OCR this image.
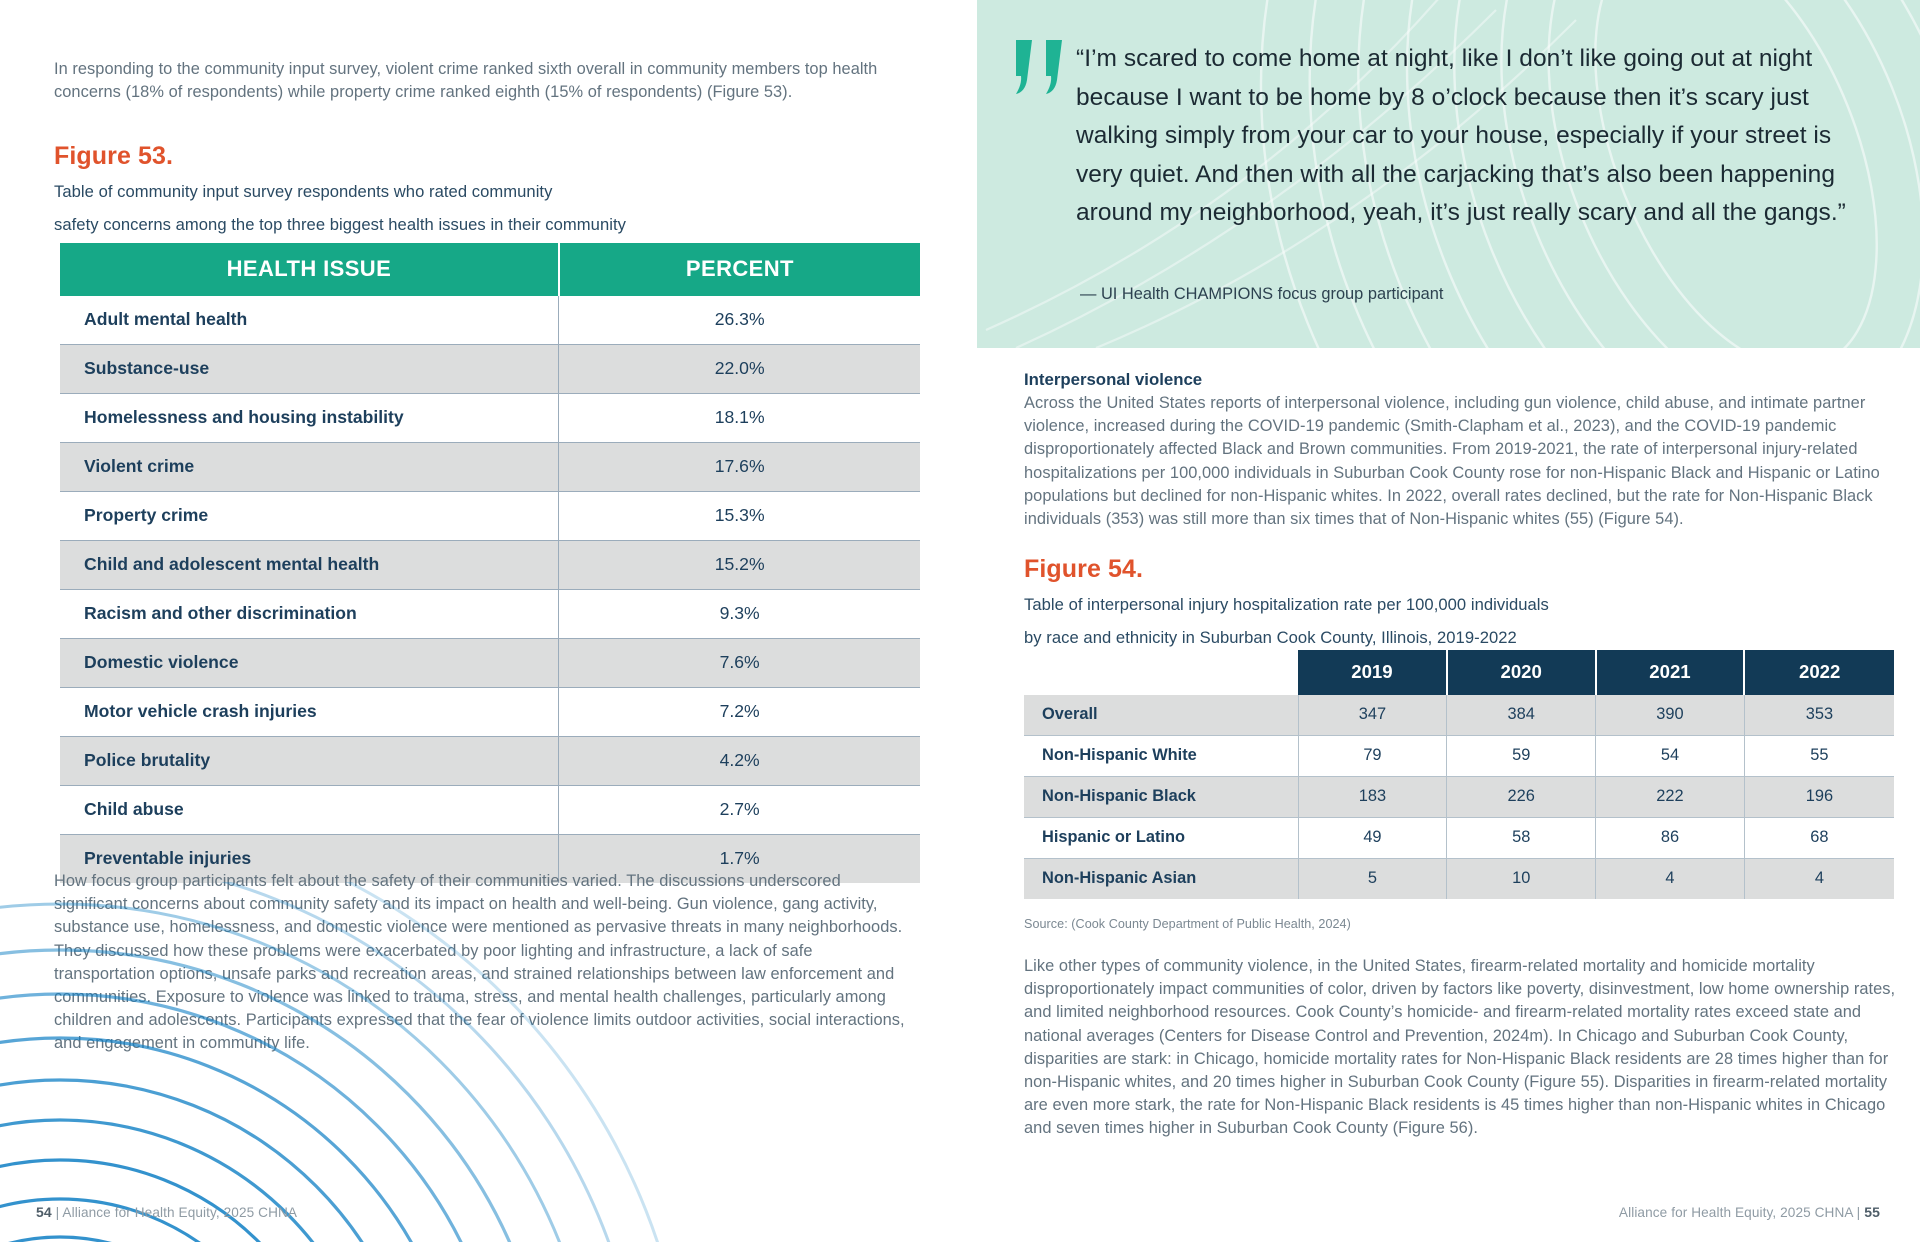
In responding to the community input survey, violent crime ranked sixth overall in community members top health concerns (18% of respondents) while property crime ranked eighth (15% of respondents) (Figure 53).

Figure 53.
Table of community input survey respondents who rated community
safety concerns among the top three biggest health issues in their community
HEALTH ISSUE	PERCENT
Adult mental health	26.3%
Substance-use	22.0%
Homelessness and housing instability	18.1%
Violent crime	17.6%
Property crime	15.3%
Child and adolescent mental health	15.2%
Racism and other discrimination	9.3%
Domestic violence	7.6%
Motor vehicle crash injuries	7.2%
Police brutality	4.2%
Child abuse	2.7%
Preventable injuries	1.7%

How focus group participants felt about the safety of their communities varied. The discussions underscored significant concerns about community safety and its impact on health and well-being. Gun violence, gang activity, substance use, homelessness, and domestic violence were mentioned as pervasive threats in many neighborhoods. They discussed how these problems were exacerbated by poor lighting and infrastructure, a lack of safe transportation options, unsafe parks and recreation areas, and strained relationships between law enforcement and communities. Exposure to violence was linked to trauma, stress, and mental health challenges, particularly among children and adolescents. Participants expressed that the fear of violence limits outdoor activities, social interactions, and engagement in community life.

54 | Alliance for Health Equity, 2025 CHNA
“I’m scared to come home at night, like I don’t like going out at night because I want to be home by 8 o’clock because then it’s scary just walking simply from your car to your house, especially if your street is very quiet. And then with all the carjacking that’s also been happening around my neighborhood, yeah, it’s just really scary and all the gangs.”
— UI Health CHAMPIONS focus group participant
Interpersonal violence

Across the United States reports of interpersonal violence, including gun violence, child abuse, and intimate partner violence, increased during the COVID-19 pandemic (Smith-Clapham et al., 2023), and the COVID-19 pandemic disproportionately affected Black and Brown communities. From 2019-2021, the rate of interpersonal injury-related hospitalizations per 100,000 individuals in Suburban Cook County rose for non-Hispanic Black and Hispanic or Latino populations but declined for non-Hispanic whites. In 2022, overall rates declined, but the rate for Non-Hispanic Black individuals (353) was still more than six times that of Non-Hispanic whites (55) (Figure 54).

Figure 54.
Table of interpersonal injury hospitalization rate per 100,000 individuals
by race and ethnicity in Suburban Cook County, Illinois, 2019-2022
	2019	2020	2021	2022
Overall	347	384	390	353
Non-Hispanic White	79	59	54	55
Non-Hispanic Black	183	226	222	196
Hispanic or Latino	49	58	86	68
Non-Hispanic Asian	5	10	4	4
Source: (Cook County Department of Public Health, 2024)

Like other types of community violence, in the United States, firearm-related mortality and homicide mortality disproportionately impact communities of color, driven by factors like poverty, disinvestment, low home ownership rates, and limited neighborhood resources. Cook County’s homicide- and firearm-related mortality rates exceed state and national averages (Centers for Disease Control and Prevention, 2024m). In Chicago and Suburban Cook County, disparities are stark: in Chicago, homicide mortality rates for Non-Hispanic Black residents are 28 times higher than for non-Hispanic whites, and 20 times higher in Suburban Cook County (Figure 55). Disparities in firearm-related mortality are even more stark, the rate for Non-Hispanic Black residents is 45 times higher than non-Hispanic whites in Chicago and seven times higher in Suburban Cook County (Figure 56).

Alliance for Health Equity, 2025 CHNA | 55
